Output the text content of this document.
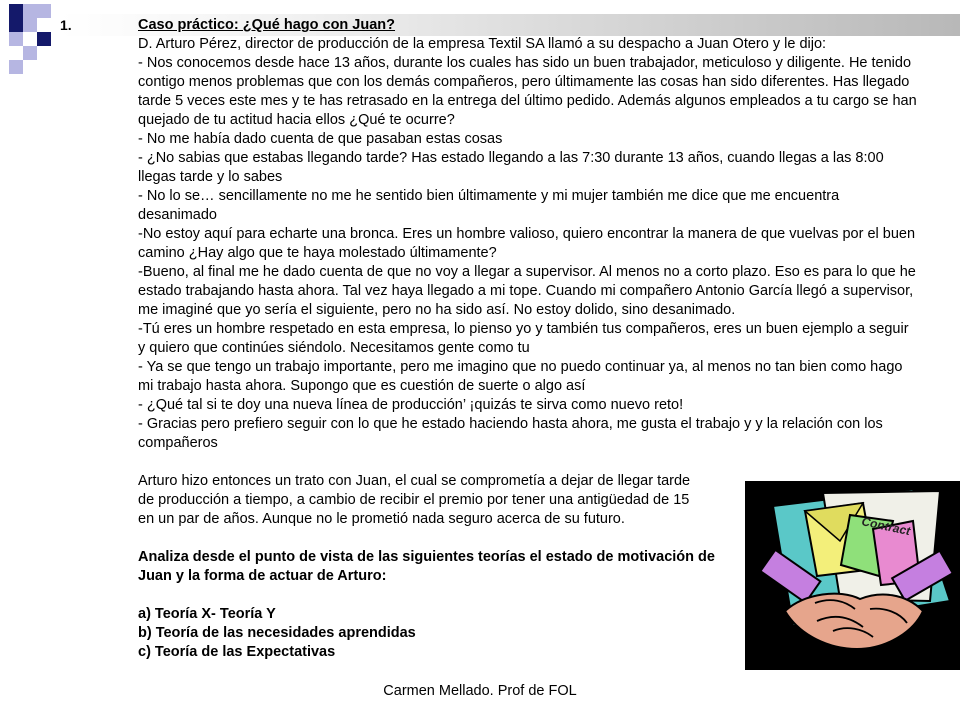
1.	Caso práctico: ¿Qué hago con Juan?

D. Arturo Pérez, director de producción de la empresa Textil SA llamó a su despacho a Juan Otero y le dijo:

- Nos conocemos desde hace 13 años, durante los cuales has sido un buen trabajador, meticuloso y diligente. He tenido contigo menos problemas que con los demás compañeros, pero últimamente las cosas han sido diferentes. Has llegado tarde 5 veces este mes y te has retrasado en la entrega del último pedido. Además algunos empleados a tu cargo se han quejado de tu actitud hacia ellos ¿Qué te ocurre?

- No me había dado cuenta de que pasaban estas cosas

- ¿No sabias que estabas llegando tarde? Has estado llegando a las 7:30 durante 13 años, cuando llegas a las 8:00 llegas tarde y lo sabes

- No lo se… sencillamente no me he sentido bien últimamente y mi mujer también me dice que me encuentra desanimado

-No estoy aquí para echarte una bronca. Eres un hombre valioso, quiero encontrar la manera de que vuelvas por el buen camino ¿Hay algo que te haya molestado últimamente?

-Bueno, al final me he dado cuenta de que no voy a llegar a supervisor. Al menos no a corto plazo. Eso es para lo que he estado trabajando hasta ahora. Tal vez haya llegado a mi tope. Cuando mi compañero Antonio García llegó a supervisor, me imaginé que yo sería el siguiente, pero no ha sido así. No estoy dolido, sino desanimado.

-Tú eres un hombre respetado en esta empresa, lo pienso yo y también tus compañeros, eres un buen ejemplo a seguir y quiero que continúes siéndolo. Necesitamos gente como tu

- Ya se que tengo un trabajo importante, pero me imagino que no puedo continuar ya, al menos no tan bien como hago mi trabajo hasta ahora. Supongo que es cuestión de suerte o algo así

- ¿Qué tal si te doy una nueva línea de producción’ ¡quizás te sirva como nuevo reto!

- Gracias pero prefiero seguir con lo que he estado haciendo hasta ahora, me gusta el trabajo y y la relación con los compañeros

Arturo hizo entonces un trato con Juan, el cual se comprometía a dejar de llegar tarde

de producción a tiempo, a cambio de recibir el premio por tener una antigüedad de 15

en un par de años. Aunque no le prometió nada seguro acerca de su futuro.

Analiza desde el punto de vista de las siguientes teorías el estado de motivación de Juan y la forma de actuar de Arturo:

a) Teoría X- Teoría Y

b) Teoría de las necesidades aprendidas

c) Teoría de las Expectativas

Contract
Carmen Mellado. Prof de FOL
